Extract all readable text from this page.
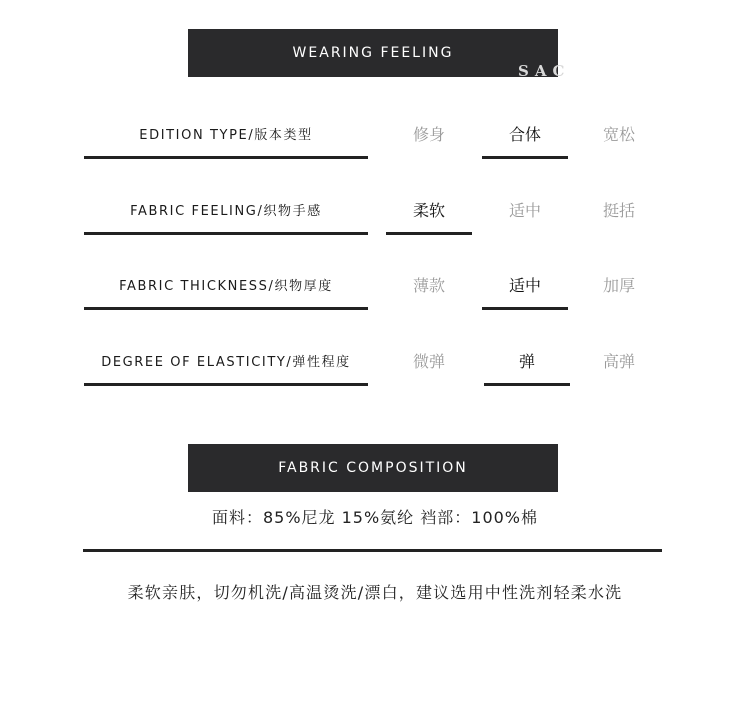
WEARING FEELING
SAC
EDITION TYPE/版本类型	修身	合体	宽松
FABRIC FEELING/织物手感	柔软	适中	挺括
FABRIC THICKNESS/织物厚度	薄款	适中	加厚
DEGREE OF ELASTICITY/弹性程度	微弹	弹	高弹
FABRIC COMPOSITION
面料：85%尼龙 15%氨纶 裆部：100%棉
柔软亲肤，切勿机洗/高温烫洗/漂白，建议选用中性洗剂轻柔水洗
